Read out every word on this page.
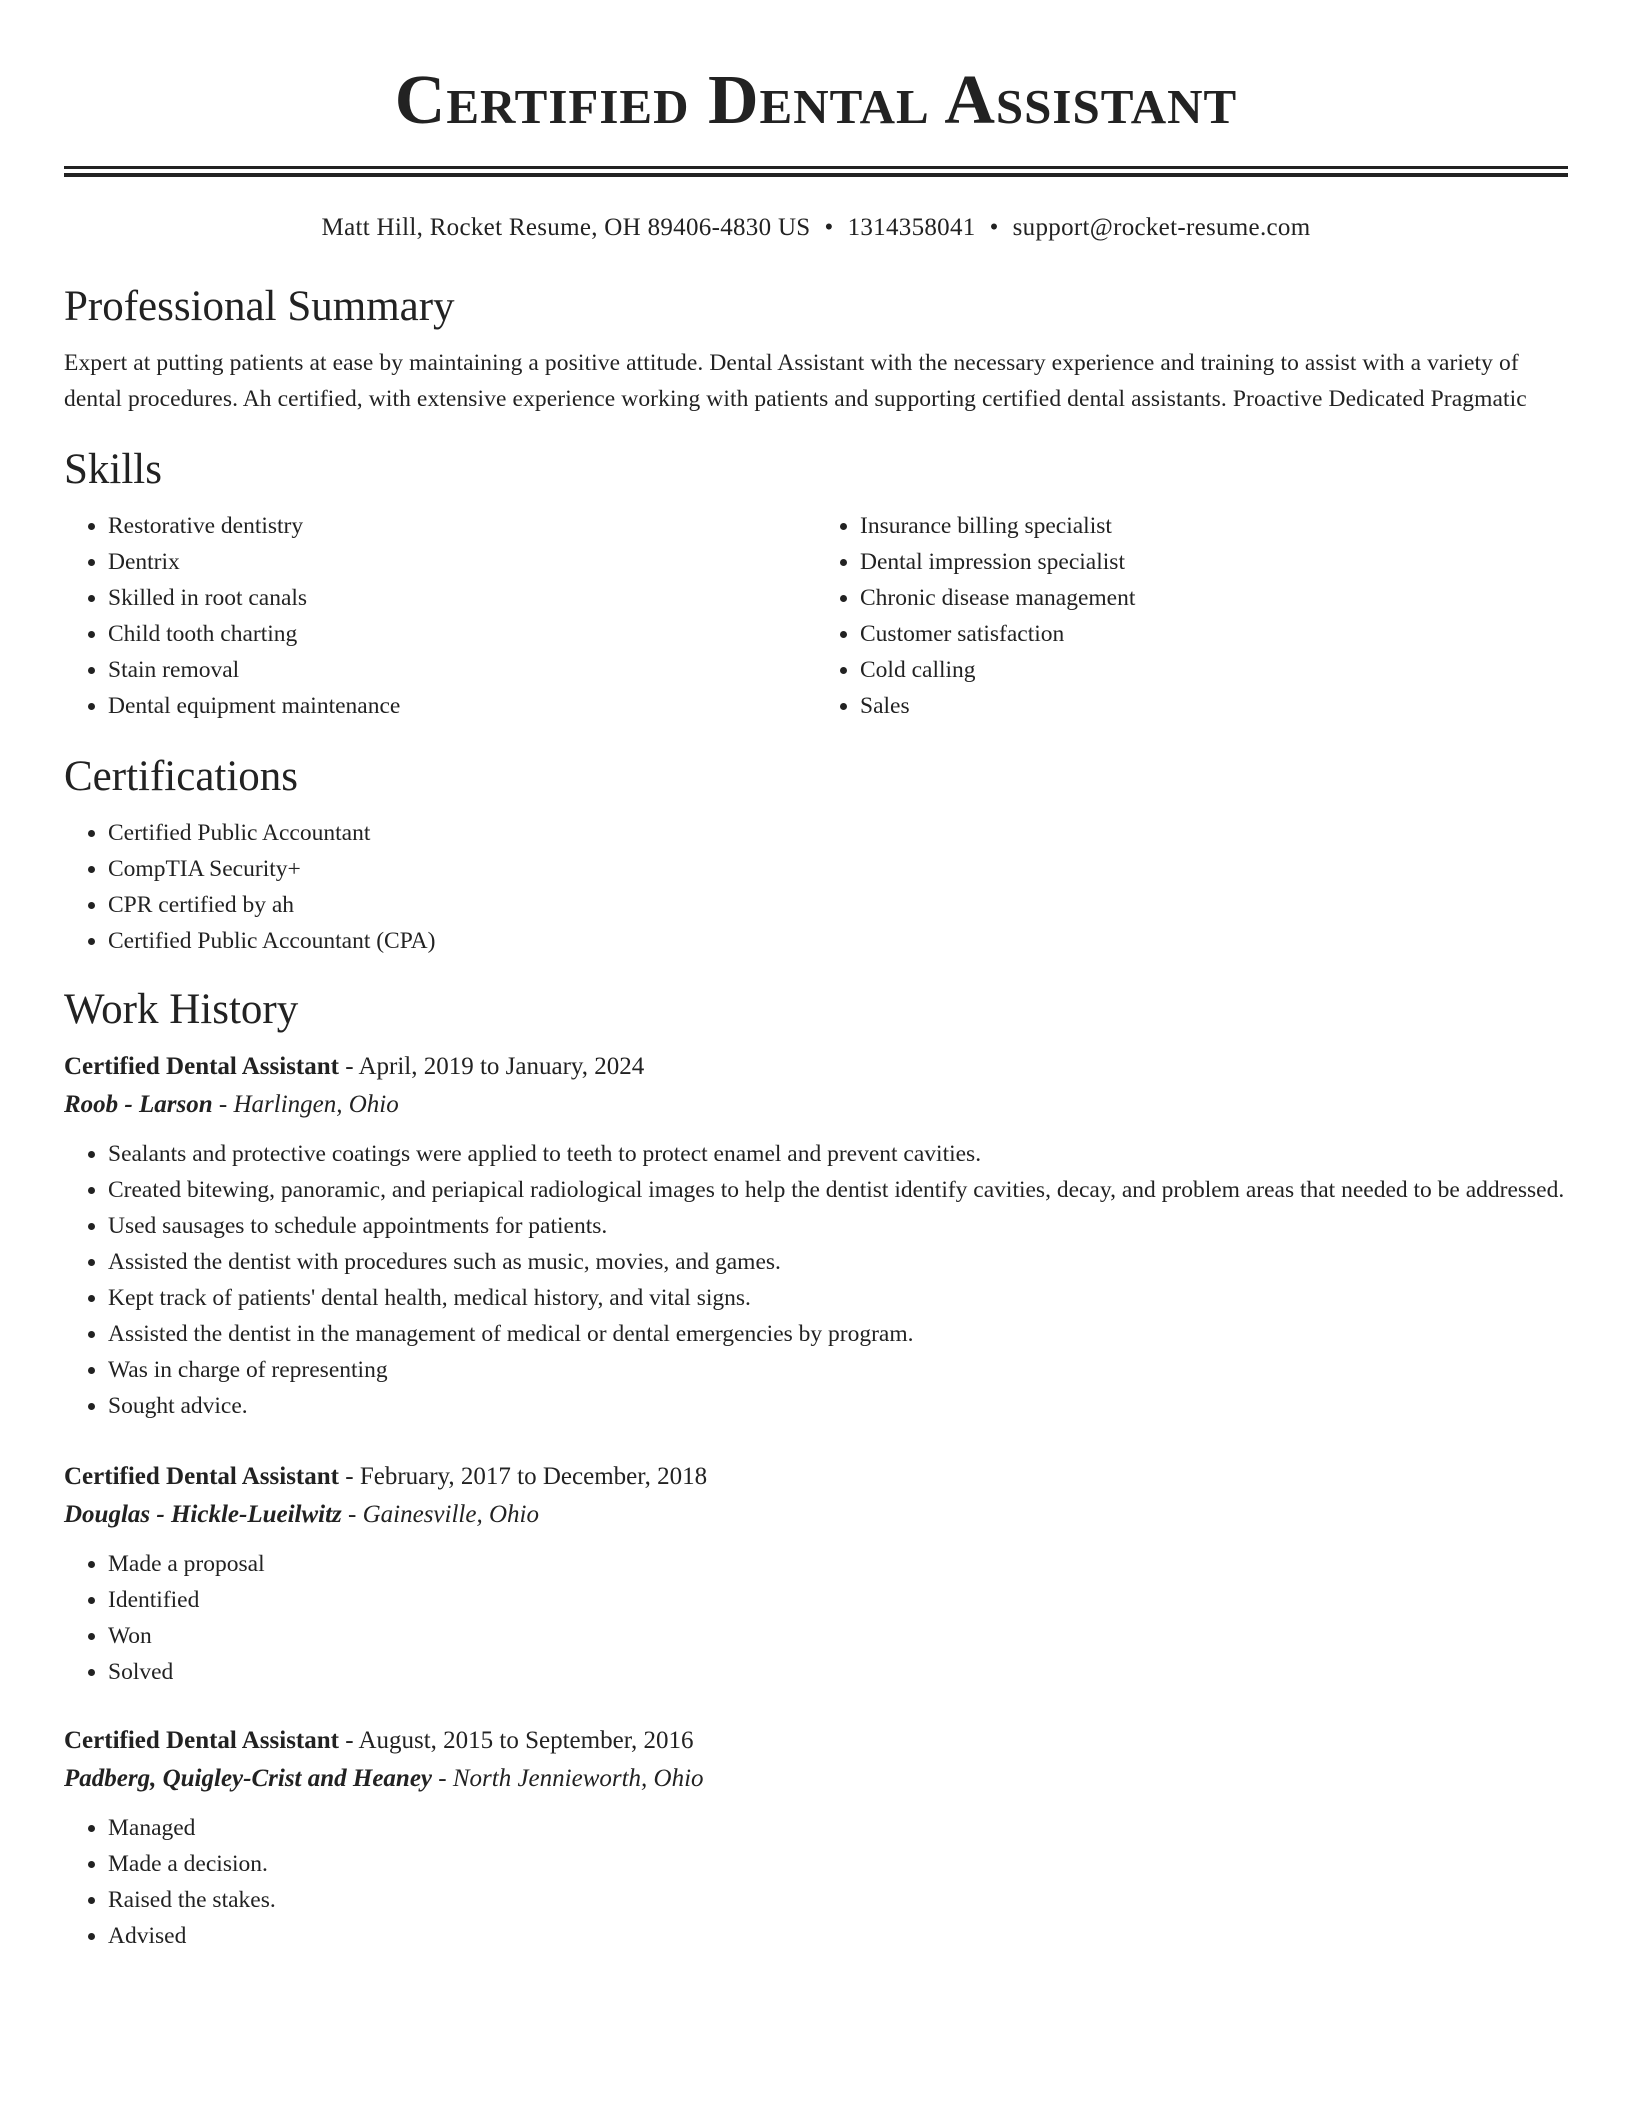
Certified Dental Assistant
Matt Hill, Rocket Resume, OH 89406-4830 US • 1314358041 • support@rocket-resume.com
Professional Summary
Expert at putting patients at ease by maintaining a positive attitude. Dental Assistant with the necessary experience and training to assist with a variety of dental procedures. Ah certified, with extensive experience working with patients and supporting certified dental assistants. Proactive Dedicated Pragmatic
Skills
• Restorative dentistry
• Dentrix
• Skilled in root canals
• Child tooth charting
• Stain removal
• Dental equipment maintenance
• Insurance billing specialist
• Dental impression specialist
• Chronic disease management
• Customer satisfaction
• Cold calling
• Sales
Certifications
• Certified Public Accountant
• CompTIA Security+
• CPR certified by ah
• Certified Public Accountant (CPA)
Work History
Certified Dental Assistant - April, 2019 to January, 2024
Roob - Larson - Harlingen, Ohio
• Sealants and protective coatings were applied to teeth to protect enamel and prevent cavities.
• Created bitewing, panoramic, and periapical radiological images to help the dentist identify cavities, decay, and problem areas that needed to be addressed.
• Used sausages to schedule appointments for patients.
• Assisted the dentist with procedures such as music, movies, and games.
• Kept track of patients' dental health, medical history, and vital signs.
• Assisted the dentist in the management of medical or dental emergencies by program.
• Was in charge of representing
• Sought advice.
Certified Dental Assistant - February, 2017 to December, 2018
Douglas - Hickle-Lueilwitz - Gainesville, Ohio
• Made a proposal
• Identified
• Won
• Solved
Certified Dental Assistant - August, 2015 to September, 2016
Padberg, Quigley-Crist and Heaney - North Jennieworth, Ohio
• Managed
• Made a decision.
• Raised the stakes.
• Advised
